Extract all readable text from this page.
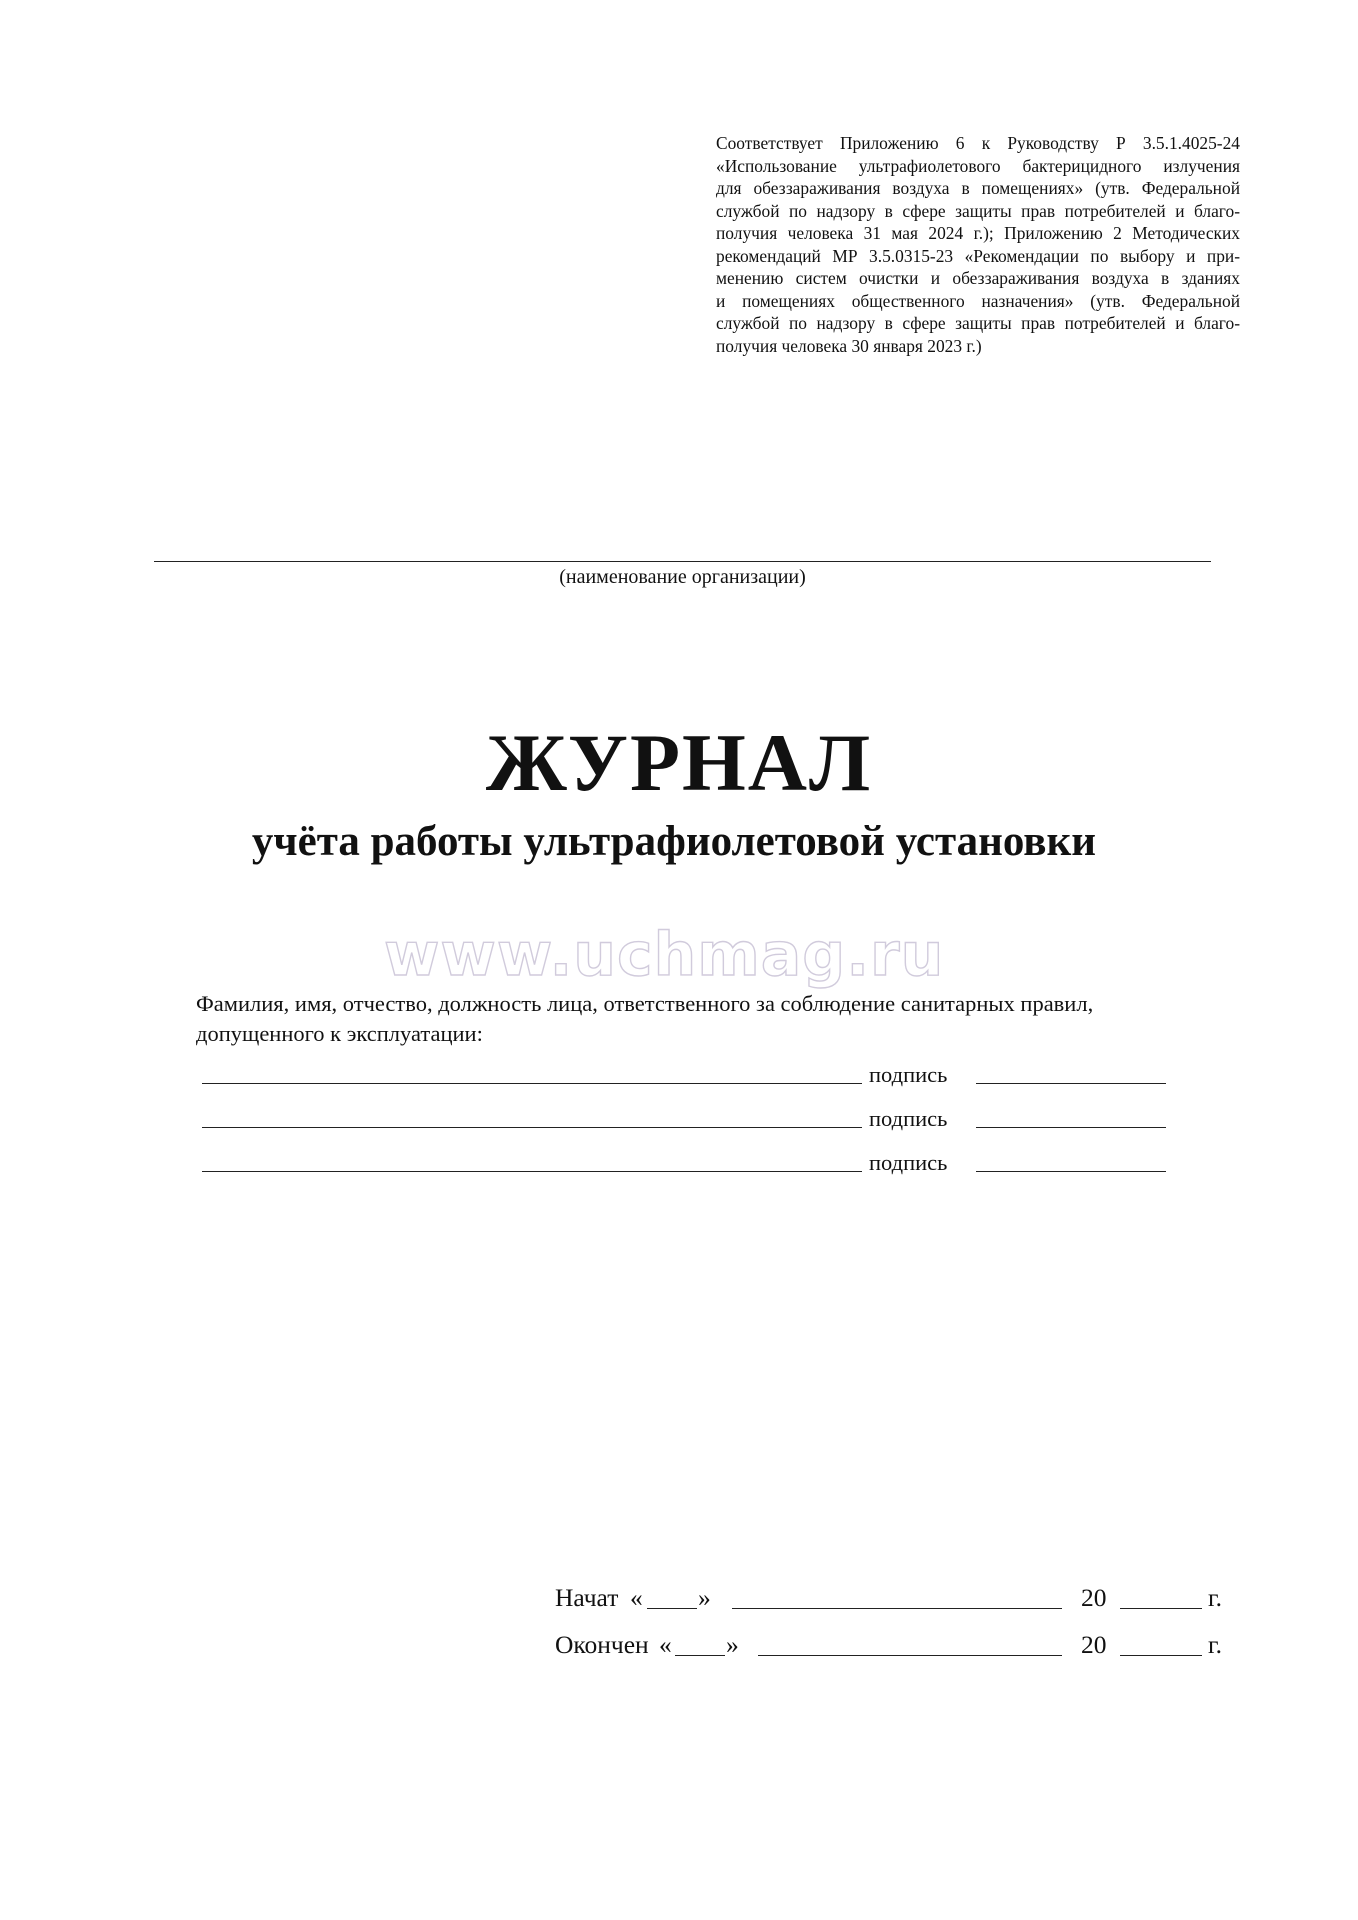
Соответствует Приложению 6 к Руководству Р 3.5.1.4025-24
«Использование ультрафиолетового бактерицидного излучения
для обеззараживания воздуха в помещениях» (утв. Федеральной
службой по надзору в сфере защиты прав потребителей и благо-
получия человека 31 мая 2024 г.); Приложению 2 Методических
рекомендаций МР 3.5.0315-23 «Рекомендации по выбору и при-
менению систем очистки и обеззараживания воздуха в зданиях
и помещениях общественного назначения» (утв. Федеральной
службой по надзору в сфере защиты прав потребителей и благо-
получия человека 30 января 2023 г.)
(наименование организации)
ЖУРНАЛ
учёта работы ультрафиолетовой установки
www.uchmag.ru
Фамилия, имя, отчество, должность лица, ответственного за соблюдение санитарных правил, допущенного к эксплуатации:
подпись
подпись
подпись
Начат « »	20	г.
Окончен « »	20	г.
